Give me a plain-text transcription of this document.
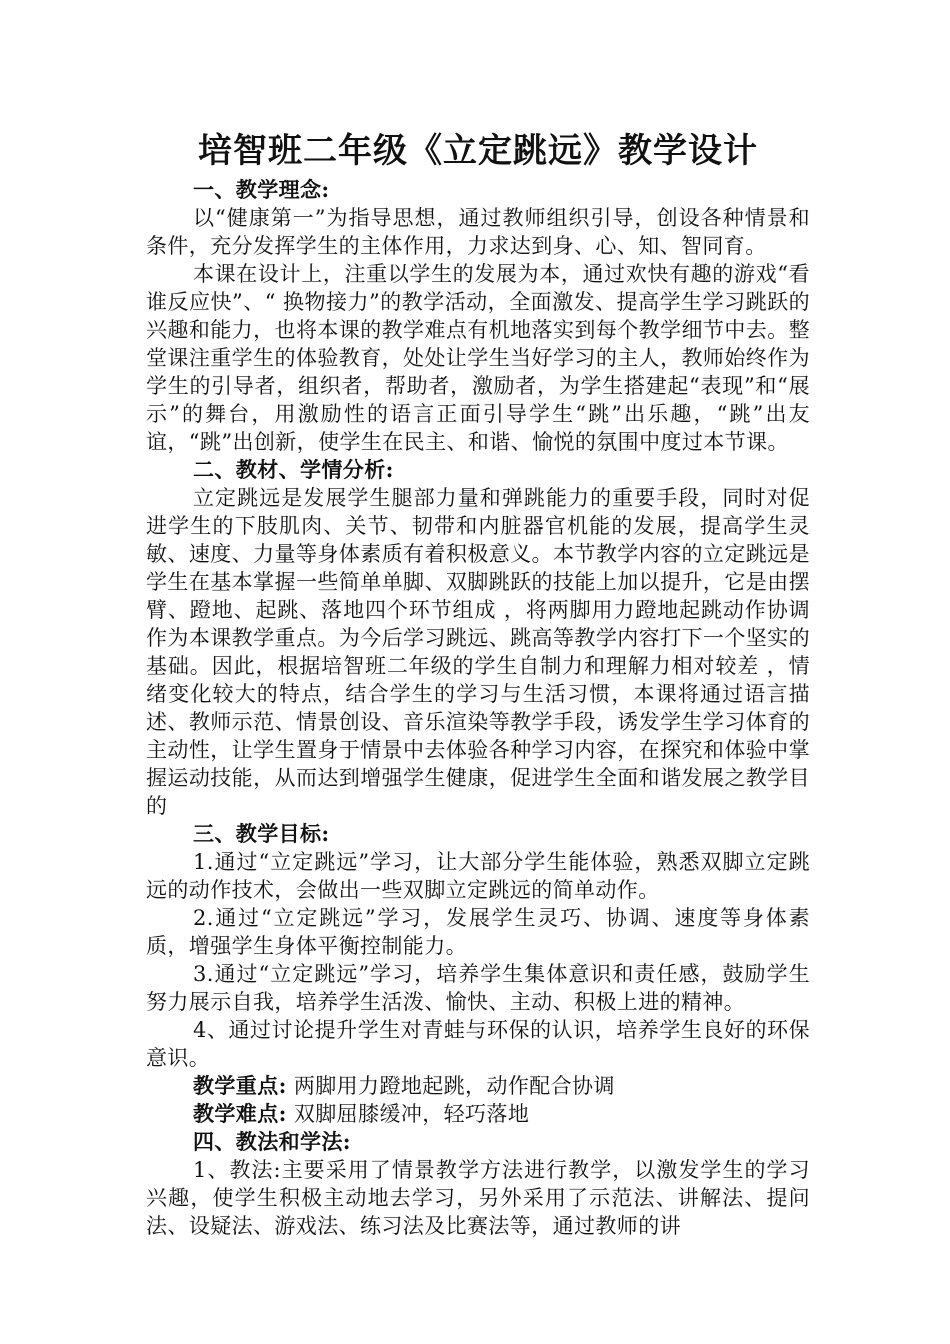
培智班二年级《立定跳远》教学设计

一、教学理念:

以“健康第一”为指导思想，通过教师组织引导，创设各种情景和条件，充分发挥学生的主体作用，力求达到身、心、知、智同育。

本课在设计上，注重以学生的发展为本，通过欢快有趣的游戏“看谁反应快”、“ 换物接力”的教学活动，全面激发、提高学生学习跳跃的兴趣和能力，也将本课的教学难点有机地落实到每个教学细节中去。整堂课注重学生的体验教育，处处让学生当好学习的主人，教师始终作为学生的引导者，组织者，帮助者，激励者，为学生搭建起“表现”和“展示”的舞台，用激励性的语言正面引导学生“跳”出乐趣，“跳”出友谊，“跳”出创新，使学生在民主、和谐、愉悦的氛围中度过本节课。

二、教材、学情分析:

立定跳远是发展学生腿部力量和弹跳能力的重要手段，同时对促进学生的下肢肌肉、关节、韧带和内脏器官机能的发展，提高学生灵敏、速度、力量等身体素质有着积极意义。本节教学内容的立定跳远是学生在基本掌握一些简单单脚、双脚跳跃的技能上加以提升，它是由摆臂、蹬地、起跳、落地四个环节组成 ，将两脚用力蹬地起跳动作协调作为本课教学重点。为今后学习跳远、跳高等教学内容打下一个坚实的基础。因此，根据培智班二年级的学生自制力和理解力相对较差 ，情绪变化较大的特点，结合学生的学习与生活习惯，本课将通过语言描述、教师示范、情景创设、音乐渲染等教学手段，诱发学生学习体育的主动性，让学生置身于情景中去体验各种学习内容，在探究和体验中掌握运动技能，从而达到增强学生健康，促进学生全面和谐发展之教学目的

三、教学目标:

1.通过“立定跳远”学习，让大部分学生能体验，熟悉双脚立定跳远的动作技术，会做出一些双脚立定跳远的简单动作。

2.通过“立定跳远”学习，发展学生灵巧、协调、速度等身体素质，增强学生身体平衡控制能力。

3.通过“立定跳远”学习，培养学生集体意识和责任感，鼓励学生努力展示自我，培养学生活泼、愉快、主动、积极上进的精神。

4、通过讨论提升学生对青蛙与环保的认识，培养学生良好的环保意识。

教学重点: 两脚用力蹬地起跳，动作配合协调

教学难点: 双脚屈膝缓冲，轻巧落地

四、教法和学法:

1、教法:主要采用了情景教学方法进行教学，以激发学生的学习兴趣，使学生积极主动地去学习，另外采用了示范法、讲解法、提问法、设疑法、游戏法、练习法及比赛法等，通过教师的讲
